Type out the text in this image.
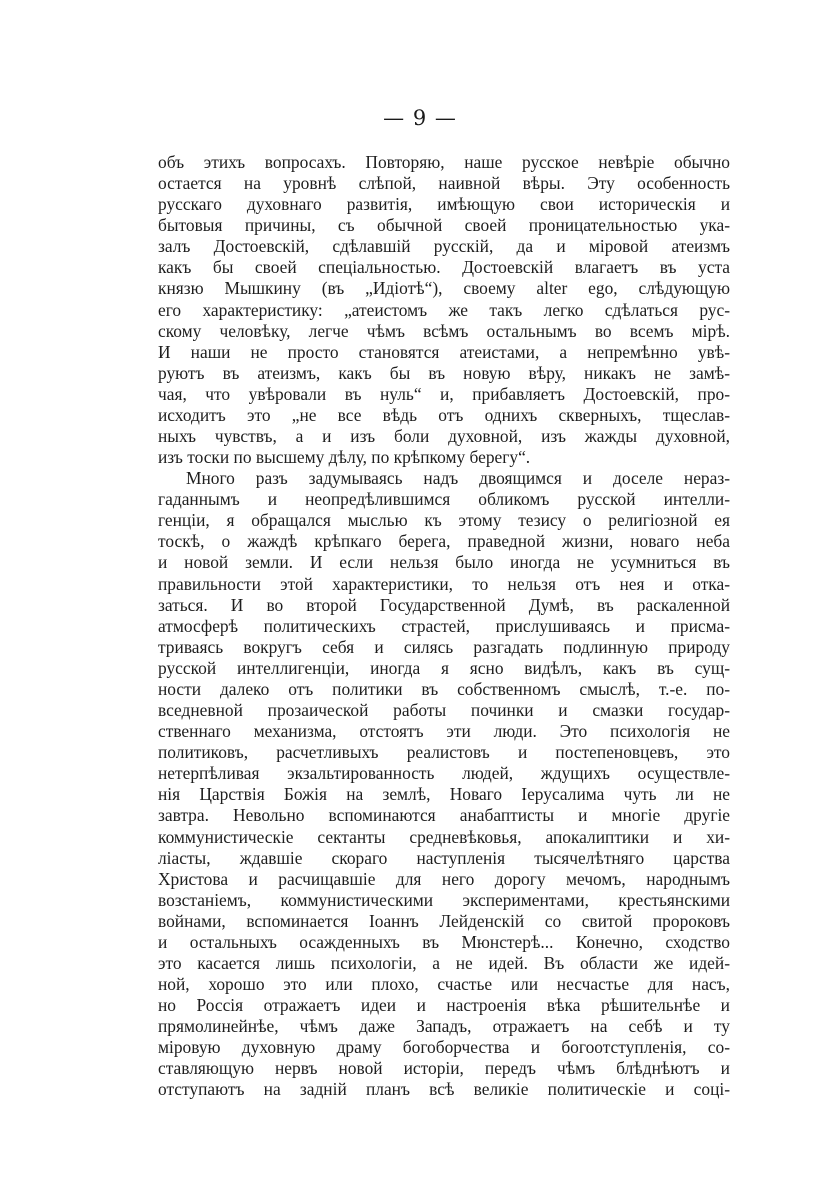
— 9 —
объ этихъ вопросахъ. Повторяю, наше русское невѣріе обычно
остается на уровнѣ слѣпой, наивной вѣры. Эту особенность
русскаго духовнаго развитія, имѣющую свои историческія и
бытовыя причины, съ обычной своей проницательностью ука-
залъ Достоевскій, сдѣлавшій русскій, да и міровой атеизмъ
какъ бы своей спеціальностью. Достоевскій влагаетъ въ уста
князю Мышкину (въ „Идіотѣ“), своему alter ego, слѣдующую
его характеристику: „атеистомъ же такъ легко сдѣлаться рус-
скому человѣку, легче чѣмъ всѣмъ остальнымъ во всемъ мірѣ.
И наши не просто становятся атеистами, а непремѣнно увѣ-
руютъ въ атеизмъ, какъ бы въ новую вѣру, никакъ не замѣ-
чая, что увѣровали въ нуль“ и, прибавляетъ Достоевскій, про-
исходитъ это „не все вѣдь отъ однихъ скверныхъ, тщеслав-
ныхъ чувствъ, а и изъ боли духовной, изъ жажды духовной,
изъ тоски по высшему дѣлу, по крѣпкому берегу“.
Много разъ задумываясь надъ двоящимся и доселе нераз-
гаданнымъ и неопредѣлившимся обликомъ русской интелли-
генціи, я обращался мыслью къ этому тезису о религіозной ея
тоскѣ, о жаждѣ крѣпкаго берега, праведной жизни, новаго неба
и новой земли. И если нельзя было иногда не усумниться въ
правильности этой характеристики, то нельзя отъ нея и отка-
заться. И во второй Государственной Думѣ, въ раскаленной
атмосферѣ политическихъ страстей, прислушиваясь и присма-
триваясь вокругъ себя и силясь разгадать подлинную природу
русской интеллигенціи, иногда я ясно видѣлъ, какъ въ сущ-
ности далеко отъ политики въ собственномъ смыслѣ, т.-е. по-
вседневной прозаической работы починки и смазки государ-
ственнаго механизма, отстоятъ эти люди. Это психологія не
политиковъ, расчетливыхъ реалистовъ и постепеновцевъ, это
нетерпѣливая экзальтированность людей, ждущихъ осуществле-
нія Царствія Божія на землѣ, Новаго Іерусалима чуть ли не
завтра. Невольно вспоминаются анабаптисты и многіе другіе
коммунистическіе сектанты средневѣковья, апокалиптики и хи-
ліасты, ждавшіе скораго наступленія тысячелѣтняго царства
Христова и расчищавшіе для него дорогу мечомъ, народнымъ
возстаніемъ, коммунистическими экспериментами, крестьянскими
войнами, вспоминается Іоаннъ Лейденскій со свитой пророковъ
и остальныхъ осажденныхъ въ Мюнстерѣ... Конечно, сходство
это касается лишь психологіи, а не идей. Въ области же идей-
ной, хорошо это или плохо, счастье или несчастье для насъ,
но Россія отражаетъ идеи и настроенія вѣка рѣшительнѣе и
прямолинейнѣе, чѣмъ даже Западъ, отражаетъ на себѣ и ту
міровую духовную драму богоборчества и богоотступленія, со-
ставляющую нервъ новой исторіи, передъ чѣмъ блѣднѣютъ и
отступаютъ на задній планъ всѣ великіе политическіе и соці-
